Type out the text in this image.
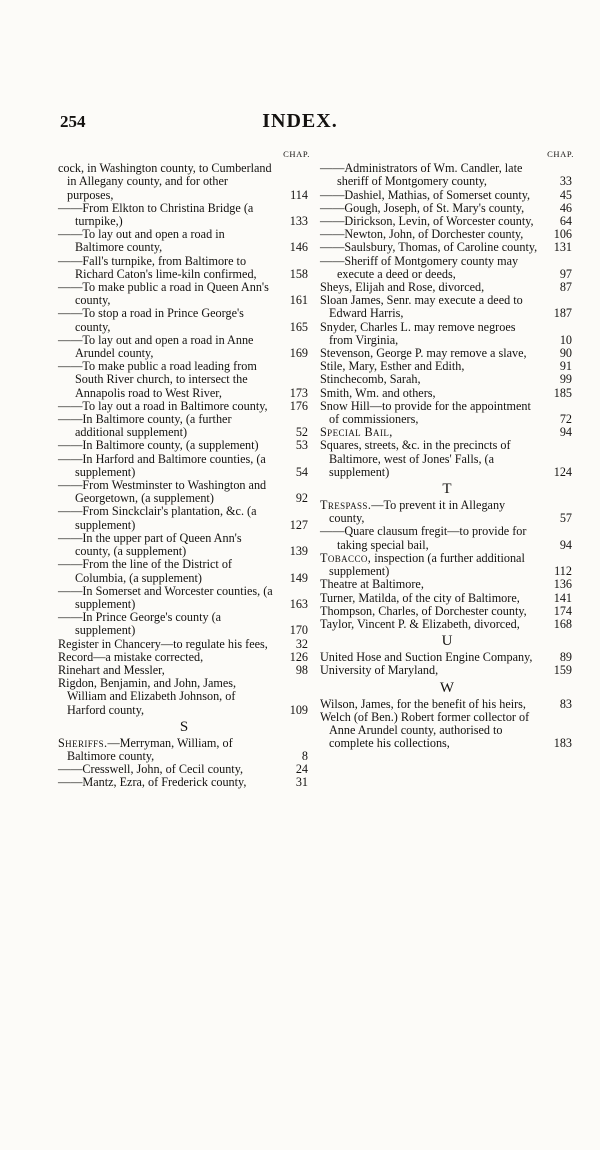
254	INDEX.
CHAP.
cock, in Washington county, to Cumberland in Allegany county, and for other purposes,	114
——From Elkton to Christina Bridge (a turnpike,)	133
——To lay out and open a road in Baltimore county,	146
——Fall's turnpike, from Baltimore to Richard Caton's lime-kiln confirmed,	158
——To make public a road in Queen Ann's county,	161
——To stop a road in Prince George's county,	165
——To lay out and open a road in Anne Arundel county,	169
——To make public a road leading from South River church, to intersect the Annapolis road to West River,	173
——To lay out a road in Baltimore county, 176
——In Baltimore county, (a further additional supplement)	52
——In Baltimore county, (a supplement)	53
——In Harford and Baltimore counties, (a supplement)	54
——From Westminster to Washington and Georgetown, (a supplement)	92
——From Sinckclair's plantation, &c. (a supplement)	127
——In the upper part of Queen Ann's county, (a supplement)	139
——From the line of the District of Columbia, (a supplement)	149
——In Somerset and Worcester counties, (a supplement)	163
——In Prince George's county (a supplement)	170
Register in Chancery—to regulate his fees, 32
Record—a mistake corrected,	126
Rinehart and Messler,	98
Rigdon, Benjamin, and John, James, William and Elizabeth Johnson, of Harford county,	109
S
Sheriffs.—Merryman, William, of Baltimore county,	8
——Cresswell, John, of Cecil county,	24
——Mantz, Ezra, of Frederick county,	31
CHAP.
——Administrators of Wm. Candler, late sheriff of Montgomery county,	33
——Dashiel, Mathias, of Somerset county, 45
——Gough, Joseph, of St. Mary's county,	46
——Dirickson, Levin, of Worcester county, 64
——Newton, John, of Dorchester county, 106
——Saulsbury, Thomas, of Caroline county, 131
——Sheriff of Montgomery county may execute a deed or deeds,	97
Sheys, Elijah and Rose, divorced,	87
Sloan James, Senr. may execute a deed to Edward Harris,	187
Snyder, Charles L. may remove negroes from Virginia,	10
Stevenson, George P. may remove a slave,	90
Stile, Mary, Esther and Edith,	91
Stinchecomb, Sarah,	99
Smith, Wm. and others,	185
Snow Hill—to provide for the appointment of commissioners,	72
Special Bail,	94
Squares, streets, &c. in the precincts of Baltimore, west of Jones' Falls, (a supplement)	124
T
Trespass.—To prevent it in Allegany county,	57
——Quare clausum fregit—to provide for taking special bail,	94
Tobacco, inspection (a further additional supplement)	112
Theatre at Baltimore,	136
Turner, Matilda, of the city of Baltimore,	141
Thompson, Charles, of Dorchester county, 174
Taylor, Vincent P. & Elizabeth, divorced,	168
U
United Hose and Suction Engine Company, 89
University of Maryland,	159
W
Wilson, James, for the benefit of his heirs,	83
Welch (of Ben.) Robert former collector of Anne Arundel county, authorised to complete his collections,	183
